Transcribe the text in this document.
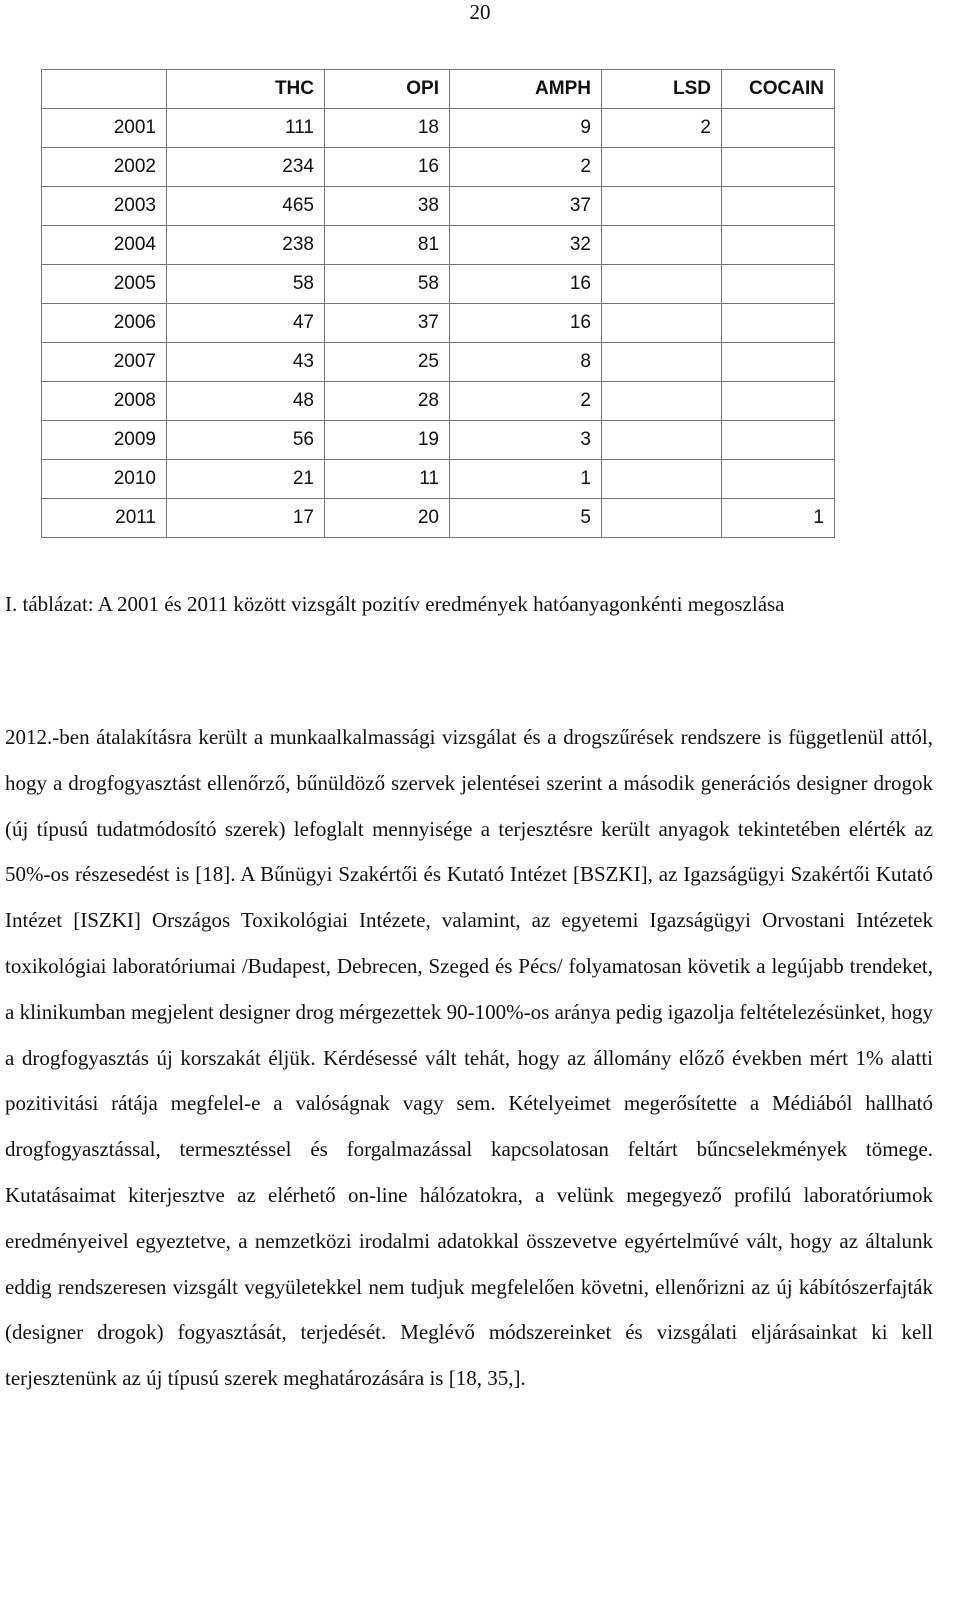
20
	THC	OPI	AMPH	LSD	COCAIN
2001	111	18	9	2	
2002	234	16	2		
2003	465	38	37		
2004	238	81	32		
2005	58	58	16		
2006	47	37	16		
2007	43	25	8		
2008	48	28	2		
2009	56	19	3		
2010	21	11	1		
2011	17	20	5		1
I. táblázat: A 2001 és 2011 között vizsgált pozitív eredmények hatóanyagonkénti megoszlása

2012.-ben átalakításra került a munkaalkalmassági vizsgálat és a drogszűrések rendszere is függetlenül attól, hogy a drogfogyasztást ellenőrző, bűnüldöző szervek jelentései szerint a második generációs designer drogok (új típusú tudatmódosító szerek) lefoglalt mennyisége a terjesztésre került anyagok tekintetében elérték az 50%-os részesedést is [18]. A Bűnügyi Szakértői és Kutató Intézet [BSZKI], az Igazságügyi Szakértői Kutató Intézet [ISZKI] Országos Toxikológiai Intézete, valamint, az egyetemi Igazságügyi Orvostani Intézetek toxikológiai laboratóriumai /Budapest, Debrecen, Szeged és Pécs/ folyamatosan követik a legújabb trendeket, a klinikumban megjelent designer drog mérgezettek 90-100%-os aránya pedig igazolja feltételezésünket, hogy a drogfogyasztás új korszakát éljük. Kérdésessé vált tehát, hogy az állomány előző években mért 1% alatti pozitivitási rátája megfelel-e a valóságnak vagy sem. Kételyeimet megerősítette a Médiából hallható drogfogyasztással, termesztéssel és forgalmazással kapcsolatosan feltárt bűncselekmények tömege. Kutatásaimat kiterjesztve az elérhető on-line hálózatokra, a velünk megegyező profilú laboratóriumok eredményeivel egyeztetve, a nemzetközi irodalmi adatokkal összevetve egyértelművé vált, hogy az általunk eddig rendszeresen vizsgált vegyületekkel nem tudjuk megfelelően követni, ellenőrizni az új kábítószerfajták (designer drogok) fogyasztását, terjedését. Meglévő módszereinket és vizsgálati eljárásainkat ki kell terjesztenünk az új típusú szerek meghatározására is [18, 35,].
